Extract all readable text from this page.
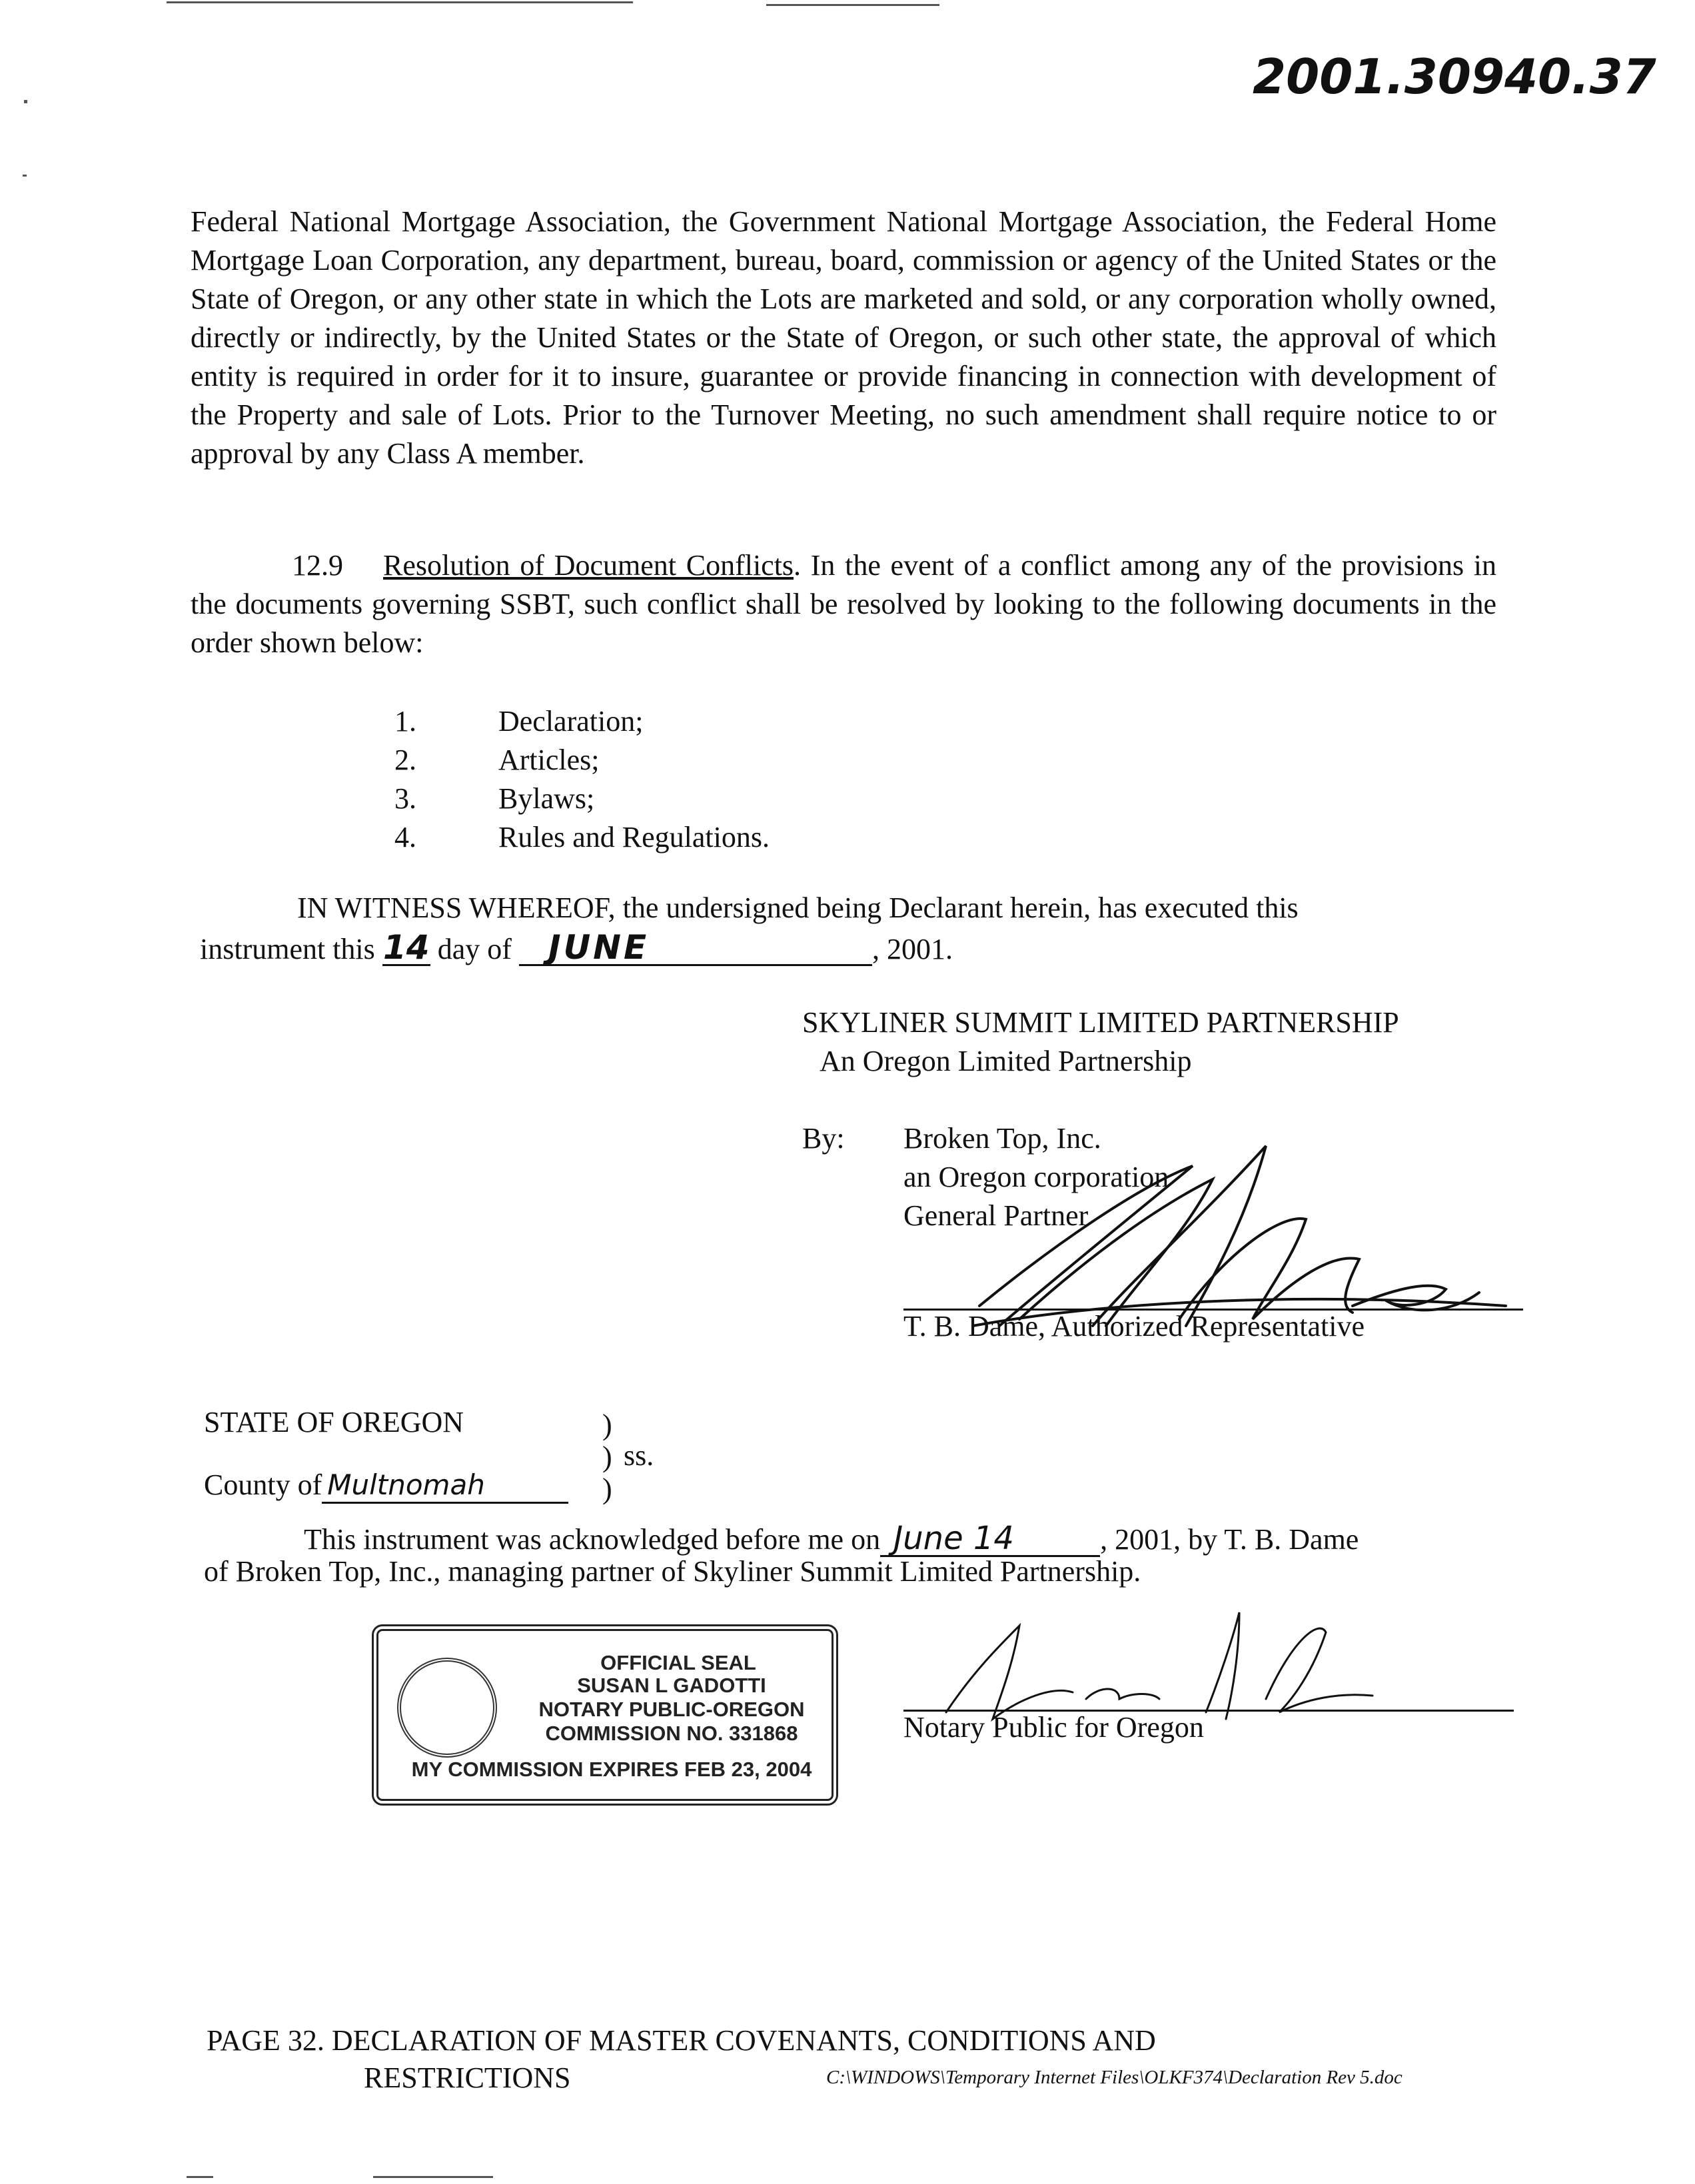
2001.30940.37
Federal National Mortgage Association, the Government National Mortgage Association, the Federal Home Mortgage Loan Corporation, any department, bureau, board, commission or agency of the United States or the State of Oregon, or any other state in which the Lots are marketed and sold, or any corporation wholly owned, directly or indirectly, by the United States or the State of Oregon, or such other state, the approval of which entity is required in order for it to insure, guarantee or provide financing in connection with development of the Property and sale of Lots. Prior to the Turnover Meeting, no such amendment shall require notice to or approval by any Class A member.
12.9 Resolution of Document Conflicts. In the event of a conflict among any of the provisions in the documents governing SSBT, such conflict shall be resolved by looking to the following documents in the order shown below:
1.	Declaration;
2.	Articles;
3.	Bylaws;
4.	Rules and Regulations.
IN WITNESS WHEREOF, the undersigned being Declarant herein, has executed this
instrument this 14 day of JUNE	, 2001.
SKYLINER SUMMIT LIMITED PARTNERSHIP
An Oregon Limited Partnership
By: Broken Top, Inc.
an Oregon corporation
General Partner
T. B. Dame, Authorized Representative
STATE OF OREGON
County of Multnomah
)
)
)
ss.
This instrument was acknowledged before me on June 14	, 2001, by T. B. Dame
of Broken Top, Inc., managing partner of Skyliner Summit Limited Partnership.
OFFICIAL SEAL
SUSAN L GADOTTI
NOTARY PUBLIC-OREGON
COMMISSION NO. 331868
MY COMMISSION EXPIRES FEB 23, 2004
Notary Public for Oregon
PAGE 32. DECLARATION OF MASTER COVENANTS, CONDITIONS AND
RESTRICTIONS	C:\WINDOWS\Temporary Internet Files\OLKF374\Declaration Rev 5.doc
